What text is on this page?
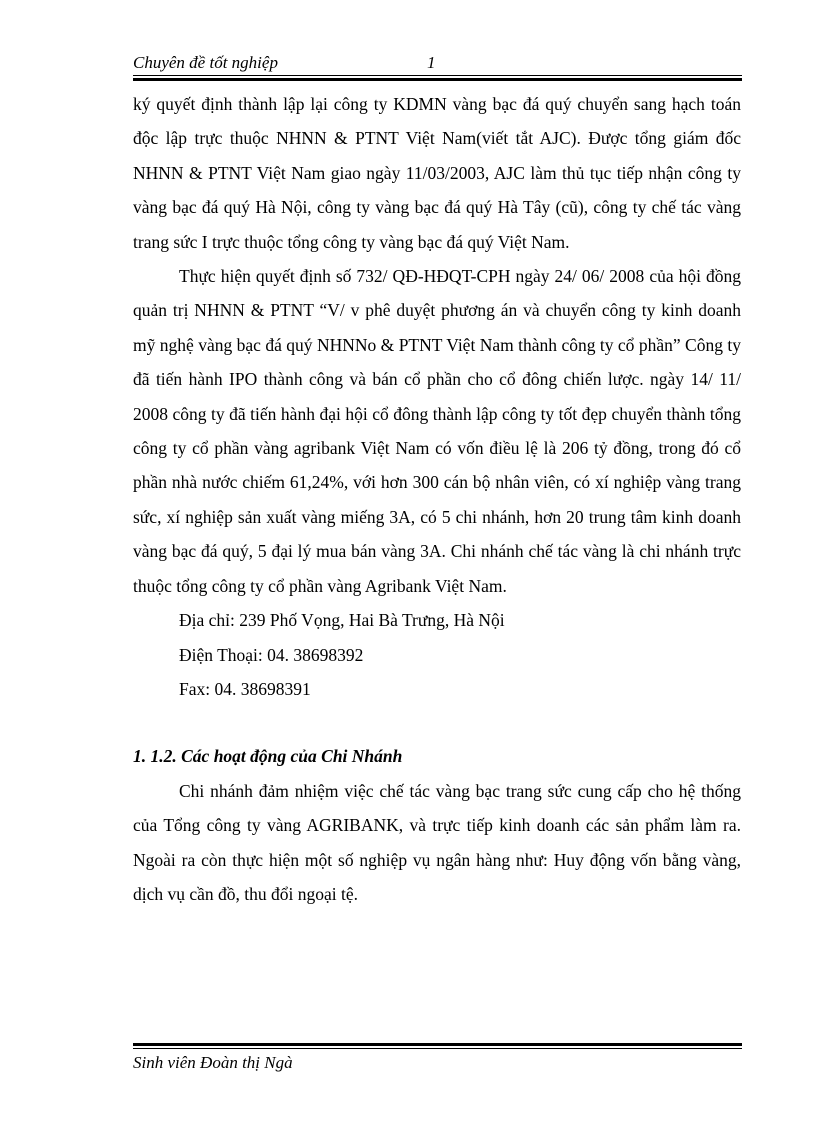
Chuyên đề tốt nghiệp	1

ký quyết định thành lập lại công ty KDMN vàng bạc đá quý chuyển sang hạch toán độc lập trực thuộc NHNN & PTNT Việt Nam(viết tắt AJC). Được tổng giám đốc NHNN & PTNT Việt Nam giao ngày 11/03/2003, AJC làm thủ tục tiếp nhận công ty vàng bạc đá quý Hà Nội, công ty vàng bạc đá quý Hà Tây (cũ), công ty chế tác vàng trang sức I trực thuộc tổng công ty vàng bạc đá quý Việt Nam.

Thực hiện quyết định số 732/ QĐ-HĐQT-CPH ngày 24/ 06/ 2008 của hội đồng quản trị NHNN & PTNT “V/ v phê duyệt phương án và chuyển công ty kinh doanh mỹ nghệ vàng bạc đá quý NHNNo & PTNT Việt Nam thành công ty cổ phần” Công ty đã tiến hành IPO thành công và bán cổ phần cho cổ đông chiến lược. ngày 14/ 11/ 2008 công ty đã tiến hành đại hội cổ đông thành lập công ty tốt đẹp chuyển thành tổng công ty cổ phần vàng agribank Việt Nam có vốn điều lệ là 206 tỷ đồng, trong đó cổ phần nhà nước chiếm 61,24%, với hơn 300 cán bộ nhân viên, có xí nghiệp vàng trang sức, xí nghiệp sản xuất vàng miếng 3A, có 5 chi nhánh, hơn 20 trung tâm kinh doanh vàng bạc đá quý, 5 đại lý mua bán vàng 3A. Chi nhánh chế tác vàng là chi nhánh trực thuộc tổng công ty cổ phần vàng Agribank Việt Nam.

Địa chỉ: 239 Phố Vọng, Hai Bà Trưng, Hà Nội

Điện Thoại: 04. 38698392

Fax: 04. 38698391

1. 1.2. Các hoạt động của Chi Nhánh

Chi nhánh đảm nhiệm việc chế tác vàng bạc trang sức cung cấp cho hệ thống của Tổng công ty vàng AGRIBANK, và trực tiếp kinh doanh các sản phẩm làm ra. Ngoài ra còn thực hiện một số nghiệp vụ ngân hàng như: Huy động vốn bằng vàng, dịch vụ cần đồ, thu đổi ngoại tệ.

Sinh viên Đoàn thị Ngà
